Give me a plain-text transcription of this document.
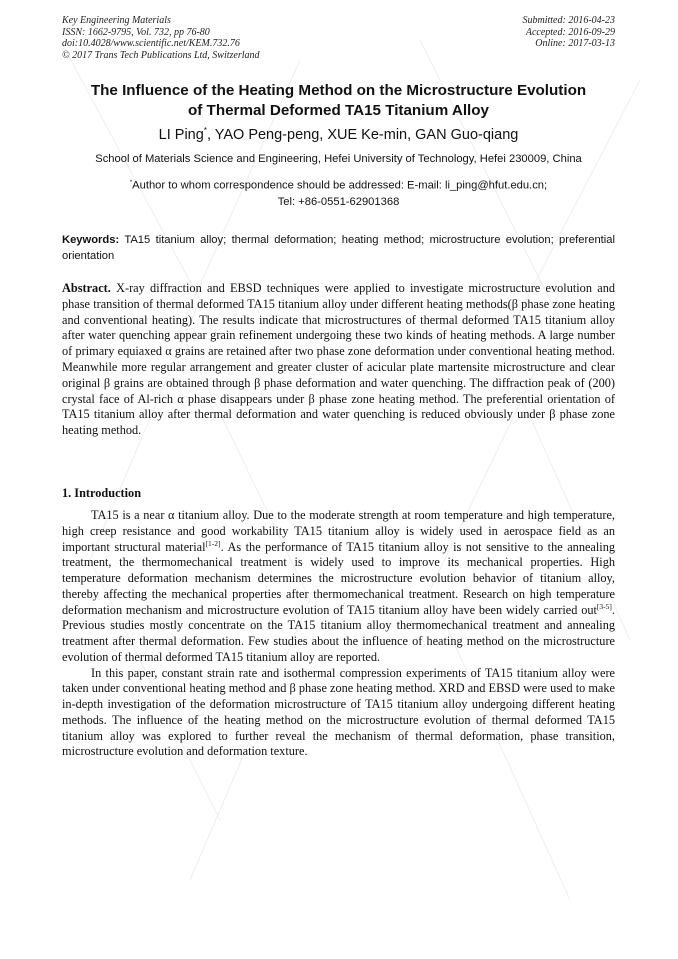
Key Engineering Materials
ISSN: 1662-9795, Vol. 732, pp 76-80
doi:10.4028/www.scientific.net/KEM.732.76
© 2017 Trans Tech Publications Ltd, Switzerland
Submitted: 2016-04-23
Accepted: 2016-09-29
Online: 2017-03-13
The Influence of the Heating Method on the Microstructure Evolution
of Thermal Deformed TA15 Titanium Alloy
LI Ping*, YAO Peng-peng, XUE Ke-min, GAN Guo-qiang
School of Materials Science and Engineering, Hefei University of Technology, Hefei 230009, China
*Author to whom correspondence should be addressed: E-mail: li_ping@hfut.edu.cn;
Tel: +86-0551-62901368
Keywords: TA15 titanium alloy; thermal deformation; heating method; microstructure evolution; preferential orientation
Abstract. X-ray diffraction and EBSD techniques were applied to investigate microstructure evolution and phase transition of thermal deformed TA15 titanium alloy under different heating methods(β phase zone heating and conventional heating). The results indicate that microstructures of thermal deformed TA15 titanium alloy after water quenching appear grain refinement undergoing these two kinds of heating methods. A large number of primary equiaxed α grains are retained after two phase zone deformation under conventional heating method. Meanwhile more regular arrangement and greater cluster of acicular plate martensite microstructure and clear original β grains are obtained through β phase deformation and water quenching. The diffraction peak of (200) crystal face of Al-rich α phase disappears under β phase zone heating method. The preferential orientation of TA15 titanium alloy after thermal deformation and water quenching is reduced obviously under β phase zone heating method.
1. Introduction

TA15 is a near α titanium alloy. Due to the moderate strength at room temperature and high temperature, high creep resistance and good workability TA15 titanium alloy is widely used in aerospace field as an important structural material[1-2]. As the performance of TA15 titanium alloy is not sensitive to the annealing treatment, the thermomechanical treatment is widely used to improve its mechanical properties. High temperature deformation mechanism determines the microstructure evolution behavior of titanium alloy, thereby affecting the mechanical properties after thermomechanical treatment. Research on high temperature deformation mechanism and microstructure evolution of TA15 titanium alloy have been widely carried out[3-5]. Previous studies mostly concentrate on the TA15 titanium alloy thermomechanical treatment and annealing treatment after thermal deformation. Few studies about the influence of heating method on the microstructure evolution of thermal deformed TA15 titanium alloy are reported.

In this paper, constant strain rate and isothermal compression experiments of TA15 titanium alloy were taken under conventional heating method and β phase zone heating method. XRD and EBSD were used to make in-depth investigation of the deformation microstructure of TA15 titanium alloy undergoing different heating methods. The influence of the heating method on the microstructure evolution of thermal deformed TA15 titanium alloy was explored to further reveal the mechanism of thermal deformation, phase transition, microstructure evolution and deformation texture.
